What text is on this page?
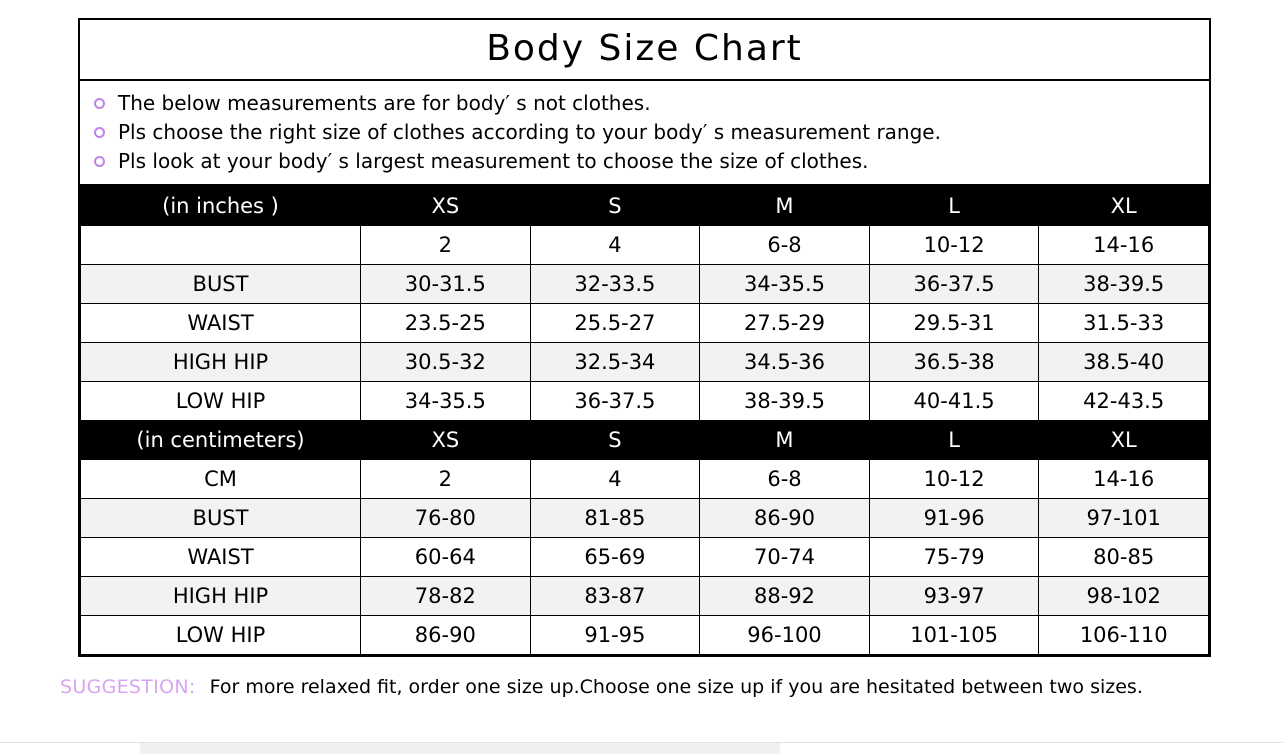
Body Size Chart
The below measurements are for body′ s not clothes.
Pls choose the right size of clothes according to your body′ s measurement range.
Pls look at your body′ s largest measurement to choose the size of clothes.
(in inches )	XS	S	M	L	XL
	2	4	6-8	10-12	14-16
BUST	30-31.5	32-33.5	34-35.5	36-37.5	38-39.5
WAIST	23.5-25	25.5-27	27.5-29	29.5-31	31.5-33
HIGH HIP	30.5-32	32.5-34	34.5-36	36.5-38	38.5-40
LOW HIP	34-35.5	36-37.5	38-39.5	40-41.5	42-43.5
(in centimeters)	XS	S	M	L	XL
CM	2	4	6-8	10-12	14-16
BUST	76-80	81-85	86-90	91-96	97-101
WAIST	60-64	65-69	70-74	75-79	80-85
HIGH HIP	78-82	83-87	88-92	93-97	98-102
LOW HIP	86-90	91-95	96-100	101-105	106-110
SUGGESTION: For more relaxed fit, order one size up.Choose one size up if you are hesitated between two sizes.
